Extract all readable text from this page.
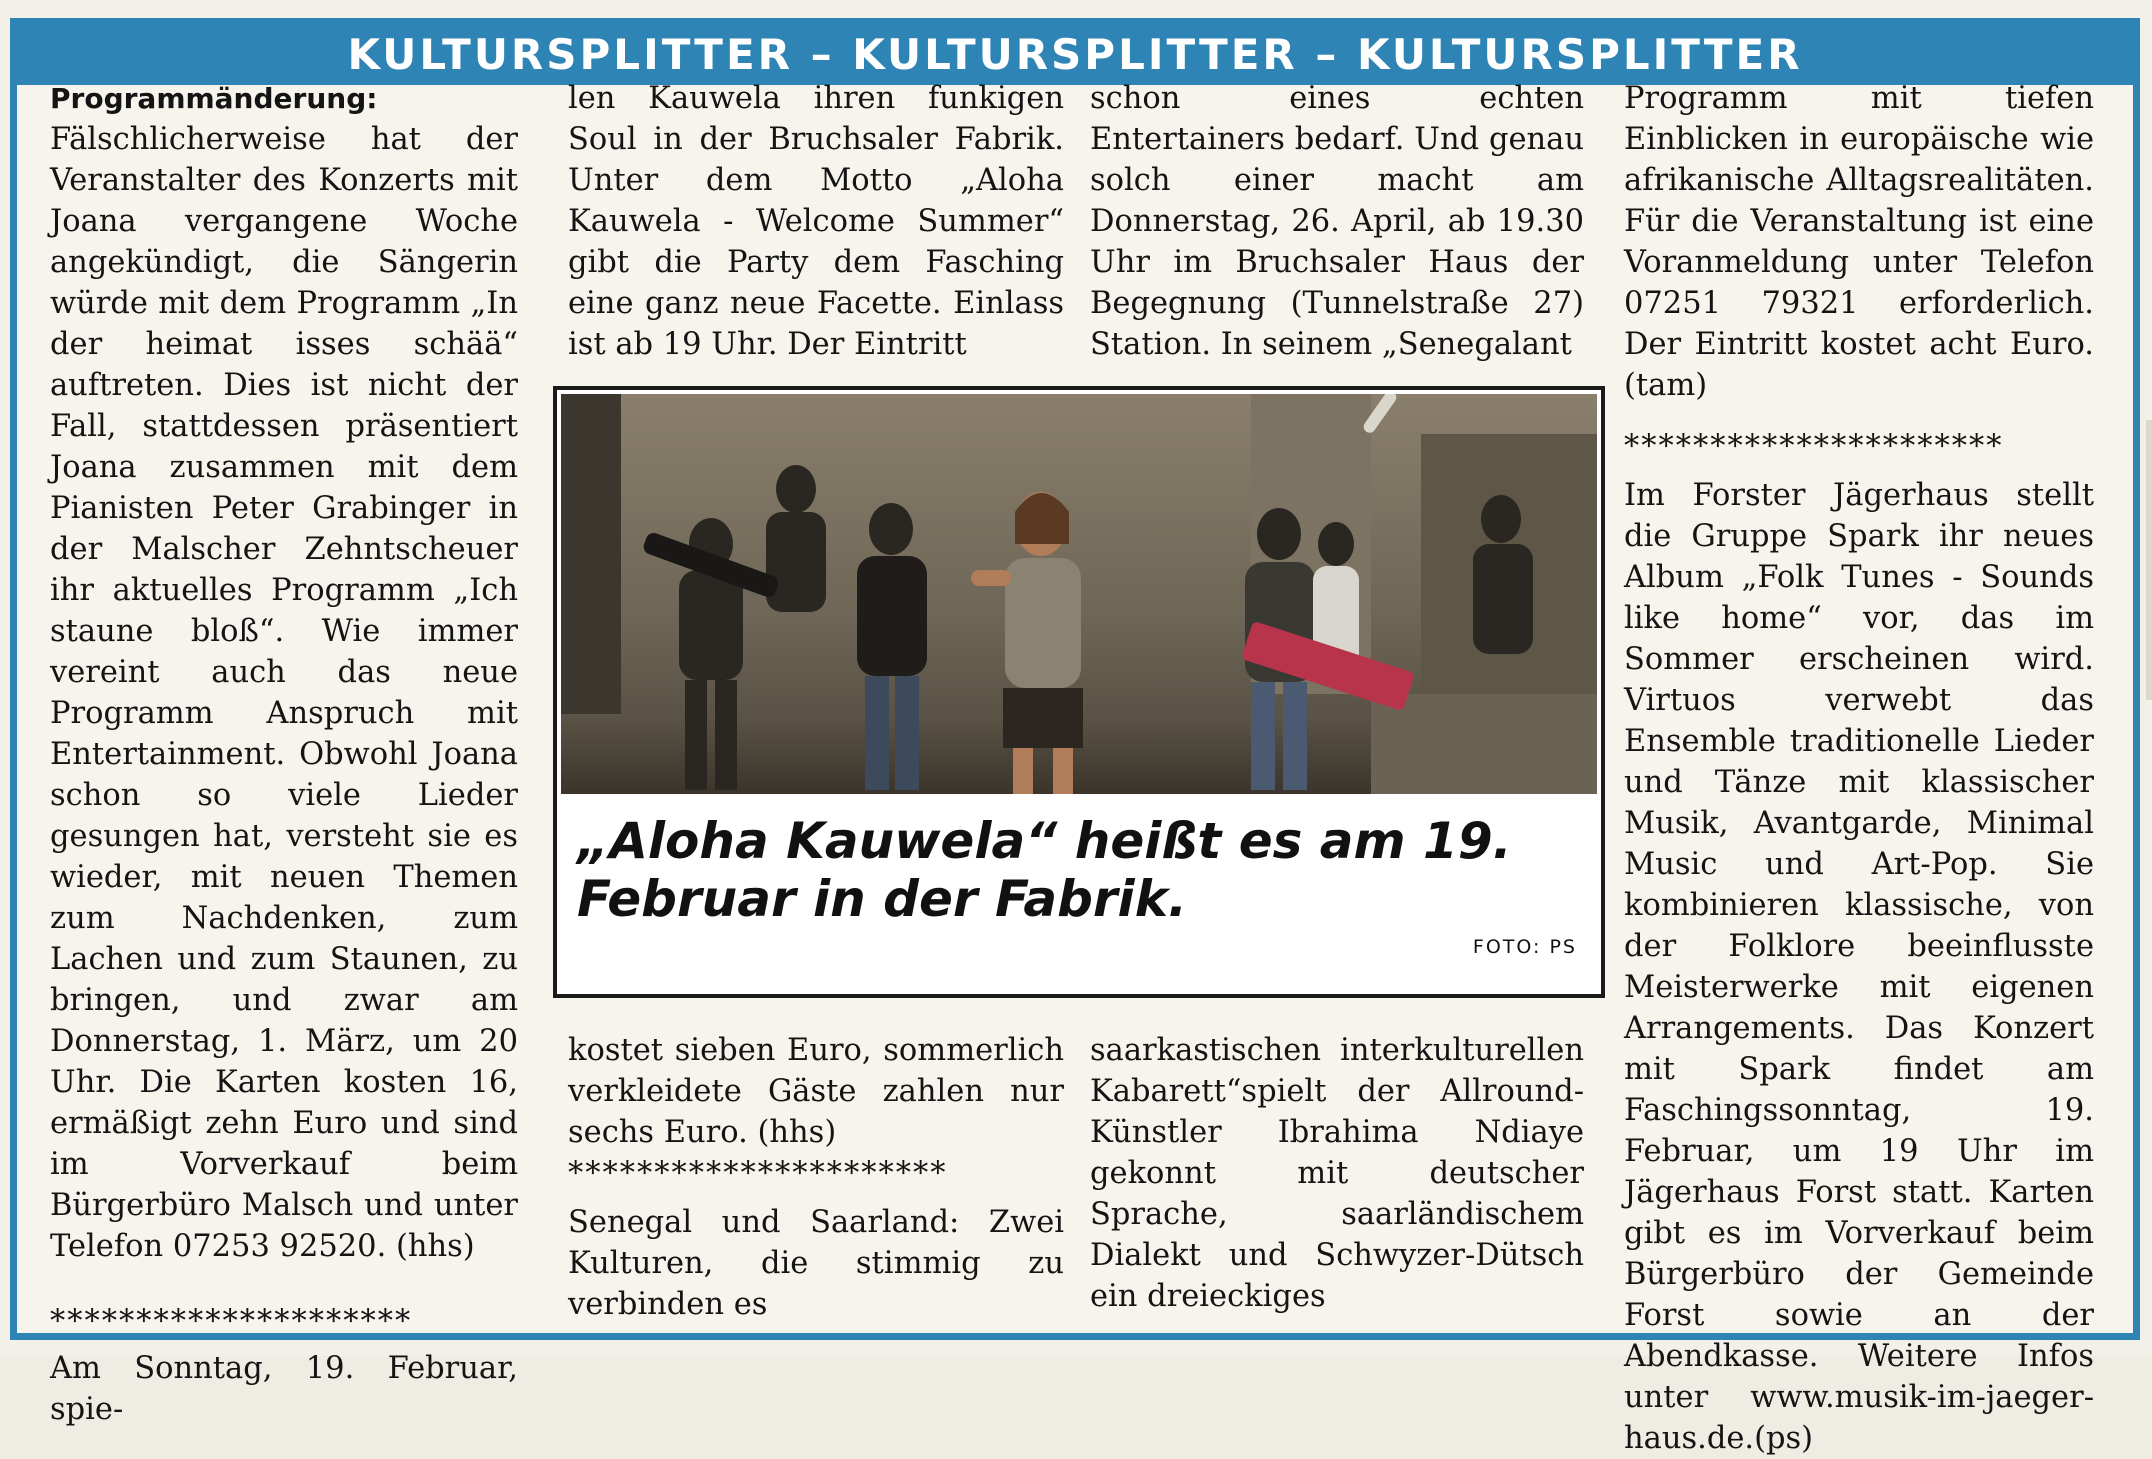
KULTURSPLITTER – KULTURSPLITTER – KULTURSPLITTER

Programmänderung: Fälschlicherweise hat der Veranstalter des Konzerts mit Joana vergangene Woche angekündigt, die Sängerin würde mit dem Programm „In der heimat isses schää“ auftreten. Dies ist nicht der Fall, stattdessen präsentiert Joana zusammen mit dem Pianisten Peter Grabinger in der Malscher Zehntscheuer ihr aktuelles Programm „Ich staune bloß“. Wie immer vereint auch das neue Programm Anspruch mit Entertainment. Obwohl Joana schon so viele Lieder gesungen hat, versteht sie es wieder, mit neuen Themen zum Nachdenken, zum Lachen und zum Staunen, zu bringen, und zwar am Donnerstag, 1. März, um 20 Uhr. Die Karten kosten 16, ermäßigt zehn Euro und sind im Vorverkauf beim Bürgerbüro Malsch und unter Telefon 07253 92520. (hhs)

*********************

Am Sonntag, 19. Februar, spie-

len Kauwela ihren funkigen Soul in der Bruchsaler Fabrik. Unter dem Motto „Aloha Kauwela - Welcome Summer“ gibt die Party dem Fasching eine ganz neue Facette. Einlass ist ab 19 Uhr. Der Eintritt

schon eines echten Entertainers bedarf. Und genau solch einer macht am Donnerstag, 26. April, ab 19.30 Uhr im Bruchsaler Haus der Begegnung (Tunnelstraße 27) Station. In seinem „Senegalant

Programm mit tiefen Einblicken in europäische wie afrikanische Alltagsrealitäten. Für die Veranstaltung ist eine Voranmeldung unter Telefon 07251 79321 erforderlich. Der Eintritt kostet acht Euro. (tam)

**********************

Im Forster Jägerhaus stellt die Gruppe Spark ihr neues Album „Folk Tunes - Sounds like home“ vor, das im Sommer erscheinen wird. Virtuos verwebt das Ensemble traditionelle Lieder und Tänze mit klassischer Musik, Avantgarde, Minimal Music und Art-Pop. Sie kombinieren klassische, von der Folklore beeinflusste Meisterwerke mit eigenen Arrangements. Das Konzert mit Spark findet am Faschingssonntag, 19. Februar, um 19 Uhr im Jägerhaus Forst statt. Karten gibt es im Vorverkauf beim Bürgerbüro der Gemeinde Forst sowie an der Abendkasse. Weitere Infos unter www.musik-im-jaeger-haus.de.(ps)

„Aloha Kauwela“ heißt es am 19. Februar in der Fabrik.
FOTO: PS

kostet sieben Euro, sommerlich verkleidete Gäste zahlen nur sechs Euro. (hhs)

**********************

Senegal und Saarland: Zwei Kulturen, die stimmig zu verbinden es

saarkastischen interkulturellen Kabarett“spielt der Allround-Künstler Ibrahima Ndiaye gekonnt mit deutscher Sprache, saarländischem Dialekt und Schwyzer-Dütsch ein dreieckiges
